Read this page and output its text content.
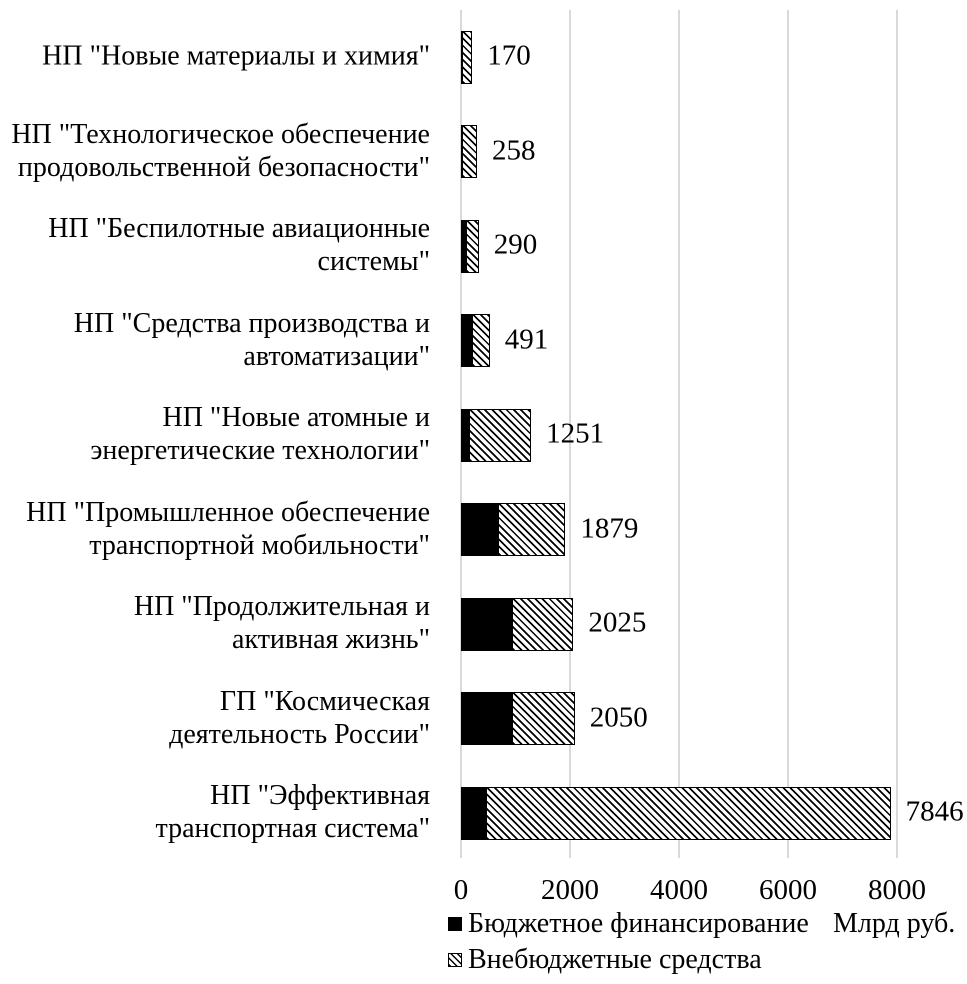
НП "Новые материалы и химия" 170
НП "Технологическое обеспечение
продовольственной безопасности"
258
НП "Беспилотные авиационные
системы"
290
НП "Средства производства и
автоматизации"
491
НП "Новые атомные и
энергетические технологии"
1251
НП "Промышленное обеспечение
транспортной мобильности"
1879
НП "Продолжительная и
активная жизнь"
2025
ГП "Космическая
деятельность России"
2050
НП "Эффективная
транспортная система"
7846
0	2000 4000 6000 8000
Бюджетное финансирование Млрд руб.
Внебюджетные средства
